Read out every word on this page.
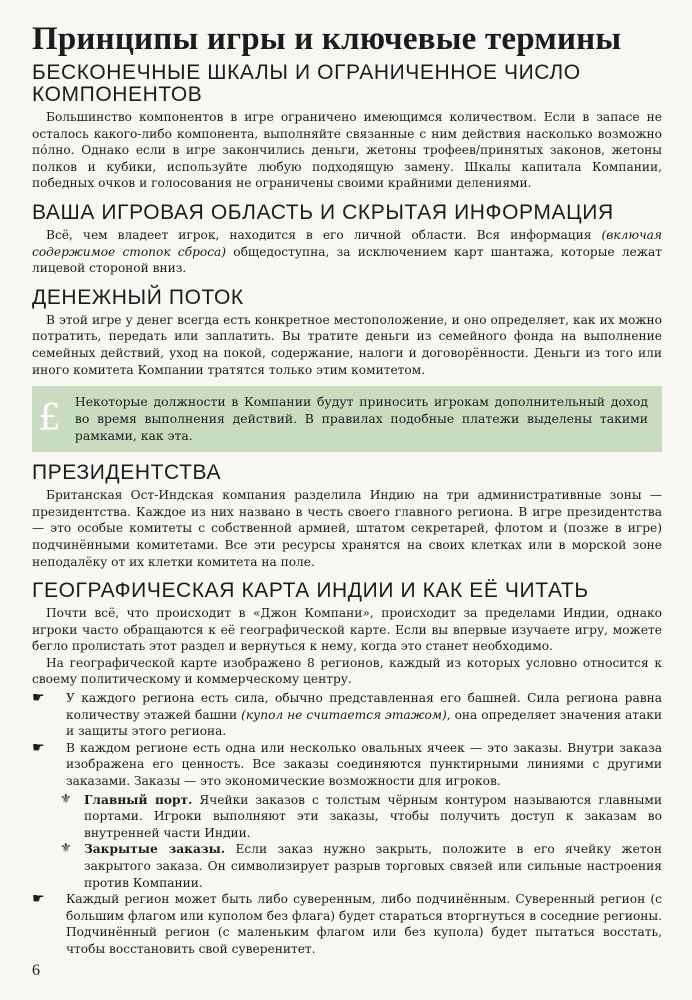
Принципы игры и ключевые термины
БЕСКОНЕЧНЫЕ ШКАЛЫ И ОГРАНИЧЕННОЕ ЧИСЛО КОМПОНЕНТОВ

Большинство компонентов в игре ограничено имеющимся количеством. Если в запасе не осталось какого-либо компонента, выполняйте связанные с ним действия насколько возможно пóлно. Однако если в игре закончились деньги, жетоны трофеев/принятых законов, жетоны полков и кубики, используйте любую подходящую замену. Шкалы капитала Компании, победных очков и голосования не ограничены своими крайними делениями.

ВАША ИГРОВАЯ ОБЛАСТЬ И СКРЫТАЯ ИНФОРМАЦИЯ

Всё, чем владеет игрок, находится в его личной области. Вся информация (включая содержимое стопок сброса) общедоступна, за исключением карт шантажа, которые лежат лицевой стороной вниз.

ДЕНЕЖНЫЙ ПОТОК

В этой игре у денег всегда есть конкретное местоположение, и оно определяет, как их можно потратить, передать или заплатить. Вы тратите деньги из семейного фонда на выполнение семейных действий, уход на покой, содержание, налоги и договорённости. Деньги из того или иного комитета Компании тратятся только этим комитетом.

£ Некоторые должности в Компании будут приносить игрокам дополнительный доход во время выполнения действий. В правилах подобные платежи выделены такими рамками, как эта.

ПРЕЗИДЕНТСТВА

Британская Ост-Индская компания разделила Индию на три административные зоны — президентства. Каждое из них названо в честь своего главного региона. В игре президентства — это особые комитеты с собственной армией, штатом секретарей, флотом и (позже в игре) подчинёнными комитетами. Все эти ресурсы хранятся на своих клетках или в морской зоне неподалёку от их клетки комитета на поле.

ГЕОГРАФИЧЕСКАЯ КАРТА ИНДИИ И КАК ЕЁ ЧИТАТЬ

Почти всё, что происходит в «Джон Компани», происходит за пределами Индии, однако игроки часто обращаются к её географической карте. Если вы впервые изучаете игру, можете бегло пролистать этот раздел и вернуться к нему, когда это станет необходимо.

На географической карте изображено 8 регионов, каждый из которых условно относится к своему политическому и коммерческому центру.

☛ У каждого региона есть сила, обычно представленная его башней. Сила региона равна количеству этажей башни (купол не считается этажом), она определяет значения атаки и защиты этого региона.
☛ В каждом регионе есть одна или несколько овальных ячеек — это заказы. Внутри заказа изображена его ценность. Все заказы соединяются пунктирными линиями с другими заказами. Заказы — это экономические возможности для игроков.
⚜ Главный порт. Ячейки заказов с толстым чёрным контуром называются главными портами. Игроки выполняют эти заказы, чтобы получить доступ к заказам во внутренней части Индии.
⚜ Закрытые заказы. Если заказ нужно закрыть, положите в его ячейку жетон закрытого заказа. Он символизирует разрыв торговых связей или сильные настроения против Компании.
☛ Каждый регион может быть либо суверенным, либо подчинённым. Суверенный регион (с большим флагом или куполом без флага) будет стараться вторгнуться в соседние регионы. Подчинённый регион (с маленьким флагом или без купола) будет пытаться восстать, чтобы восстановить свой суверенитет.
6
